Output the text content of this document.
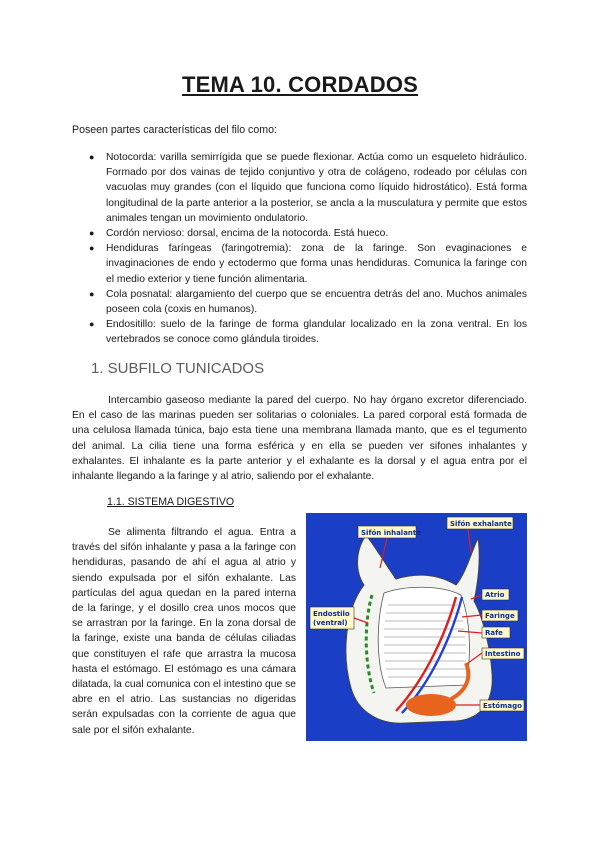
TEMA 10. CORDADOS

Poseen partes características del filo como:

● Notocorda: varilla semirrígida que se puede flexionar. Actúa como un esqueleto hidráulico. Formado por dos vainas de tejido conjuntivo y otra de colágeno, rodeado por células con vacuolas muy grandes (con el líquido que funciona como líquido hidrostático). Está forma longitudinal de la parte anterior a la posterior, se ancla a la musculatura y permite que estos animales tengan un movimiento ondulatorio.
● Cordón nervioso: dorsal, encima de la notocorda. Está hueco.
● Hendiduras faríngeas (faringotremia): zona de la faringe. Son evaginaciones e invaginaciones de endo y ectodermo que forma unas hendiduras. Comunica la faringe con el medio exterior y tiene función alimentaria.
● Cola posnatal: alargamiento del cuerpo que se encuentra detrás del ano. Muchos animales poseen cola (coxis en humanos).
● Endositillo: suelo de la faringe de forma glandular localizado en la zona ventral. En los vertebrados se conoce como glándula tiroides.
1. SUBFILO TUNICADOS

Intercambio gaseoso mediante la pared del cuerpo. No hay órgano excretor diferenciado. En el caso de las marinas pueden ser solitarias o coloniales. La pared corporal está formada de una celulosa llamada túnica, bajo esta tiene una membrana llamada manto, que es el tegumento del animal. La cilia tiene una forma esférica y en ella se pueden ver sifones inhalantes y exhalantes. El inhalante es la parte anterior y el exhalante es la dorsal y el agua entra por el inhalante llegando a la faringe y al atrio, saliendo por el exhalante.

1.1. SISTEMA DIGESTIVO

Se alimenta filtrando el agua. Entra a través del sifón inhalante y pasa a la faringe con hendiduras, pasando de ahí el agua al atrio y siendo expulsada por el sifón exhalante. Las partículas del agua quedan en la pared interna de la faringe, y el dosillo crea unos mocos que se arrastran por la faringe. En la zona dorsal de la faringe, existe una banda de células ciliadas que constituyen el rafe que arrastra la mucosa hasta el estómago. El estómago es una cámara dilatada, la cual comunica con el intestino que se abre en el atrio. Las sustancias no digeridas serán expulsadas con la corriente de agua que sale por el sifón exhalante.

Sifón inhalante
Sifón exhalante
Atrio
Faringe
Rafe
Intestino
Estómago
Endostilo
(ventral)
